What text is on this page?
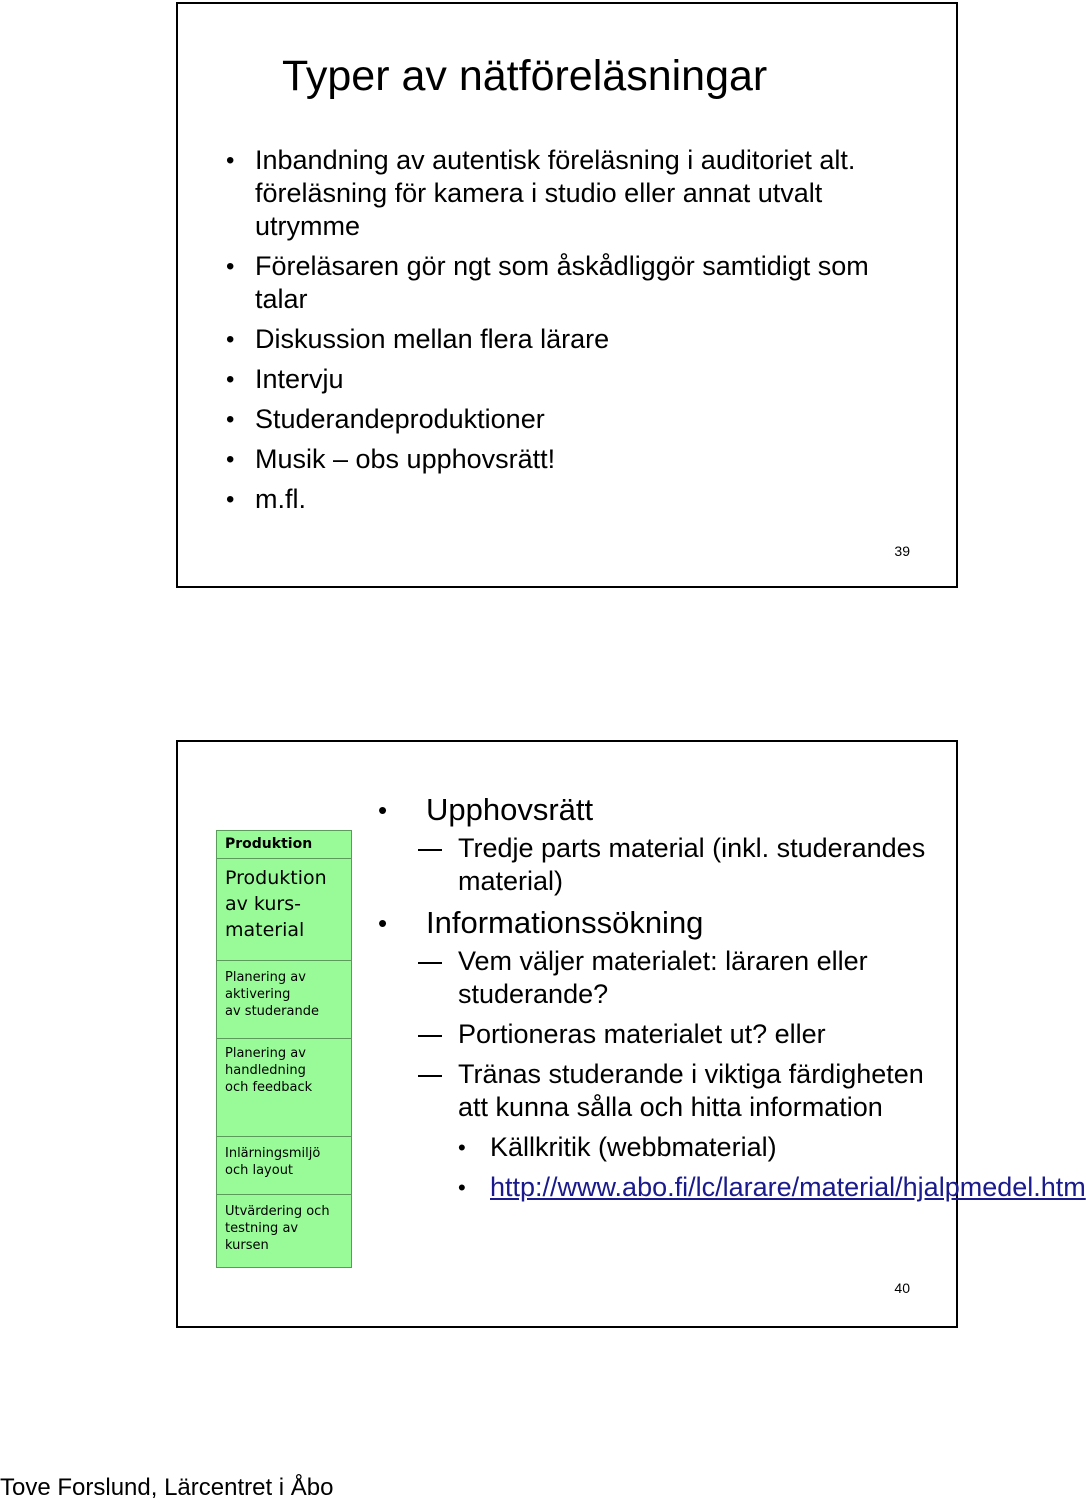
Typer av nätföreläsningar
• Inbandning av autentisk föreläsning i auditoriet alt. föreläsning för kamera i studio eller annat utvalt utrymme
• Föreläsaren gör ngt som åskådliggör samtidigt som talar
• Diskussion mellan flera lärare
• Intervju
• Studerandeproduktioner
• Musik – obs upphovsrätt!
• m.fl.
39
Produktion
Produktion
av kurs-
material
Planering av
aktivering
av studerande
Planering av
handledning
och feedback
Inlärningsmiljö
och layout
Utvärdering och
testning av
kursen
• Upphovsrätt
Tredje parts material (inkl. studerandes material)
• Informationssökning
Vem väljer materialet: läraren eller studerande?
Portioneras materialet ut? eller
Tränas studerande i viktiga färdigheten att kunna sålla och hitta information
• Källkritik (webbmaterial)
• http://www.abo.fi/lc/larare/material/hjalpmedel.htm
40
Tove Forslund, Lärcentret i Åbo
